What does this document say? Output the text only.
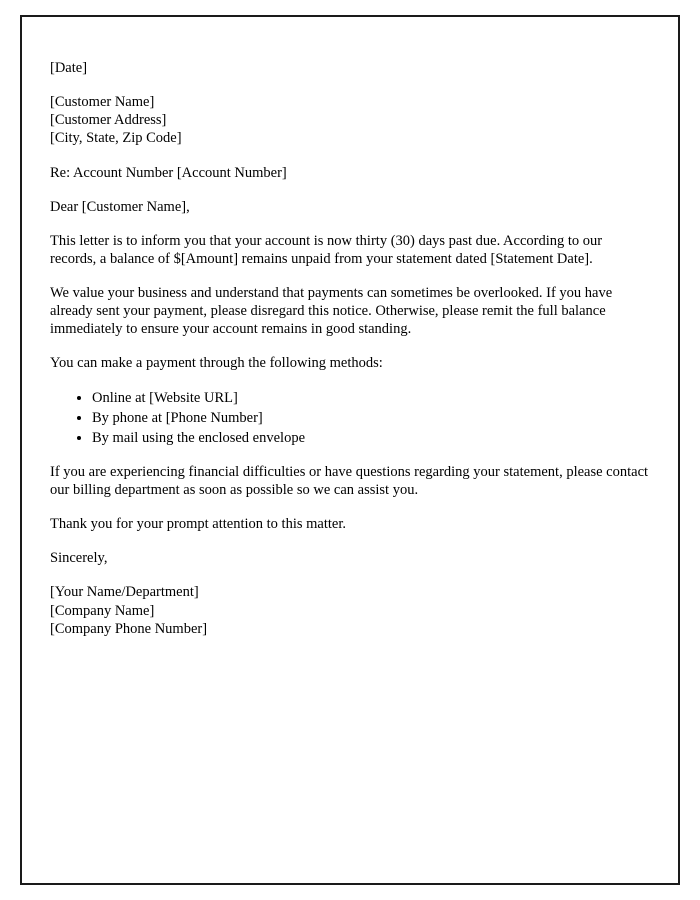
[Date]
[Customer Name]
[Customer Address]
[City, State, Zip Code]
Re: Account Number [Account Number]
Dear [Customer Name],

This letter is to inform you that your account is now thirty (30) days past due. According to our records, a balance of $[Amount] remains unpaid from your statement dated [Statement Date].

We value your business and understand that payments can sometimes be overlooked. If you have already sent your payment, please disregard this notice. Otherwise, please remit the full balance immediately to ensure your account remains in good standing.

You can make a payment through the following methods:

• Online at [Website URL]
• By phone at [Phone Number]
• By mail using the enclosed envelope

If you are experiencing financial difficulties or have questions regarding your statement, please contact our billing department as soon as possible so we can assist you.

Thank you for your prompt attention to this matter.

Sincerely,
[Your Name/Department]
[Company Name]
[Company Phone Number]
